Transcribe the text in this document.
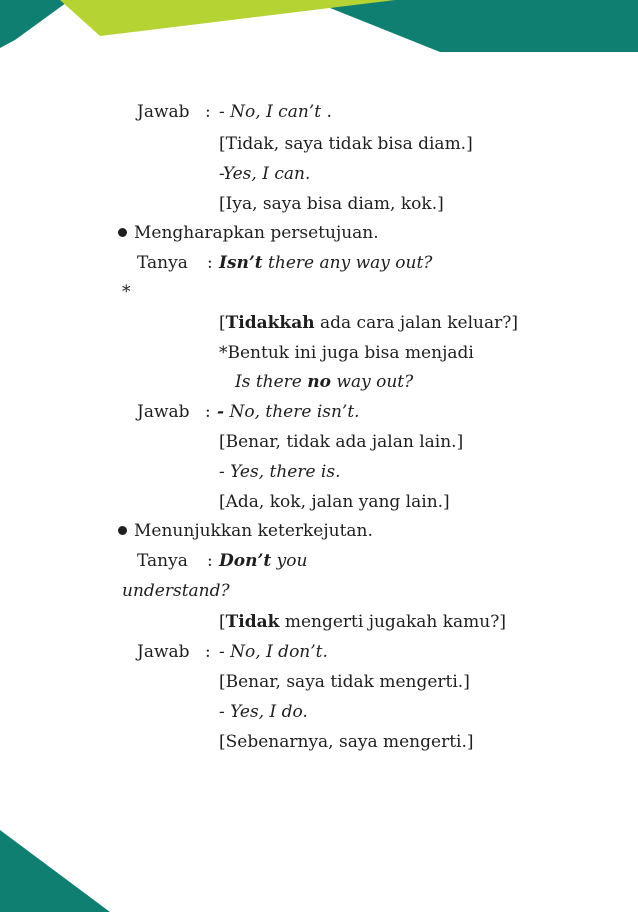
Jawab : - No, I can’t .
[Tidak, saya tidak bisa diam.]
-Yes, I can.
[Iya, saya bisa diam, kok.]
Mengharapkan persetujuan.
Tanya : Isn’t there any way out?
*
[Tidakkah ada cara jalan keluar?]
*Bentuk ini juga bisa menjadi
Is there no way out?
Jawab : - No, there isn’t.
[Benar, tidak ada jalan lain.]
- Yes, there is.
[Ada, kok, jalan yang lain.]
Menunjukkan keterkejutan.
Tanya : Don’t you
understand?
[Tidak mengerti jugakah kamu?]
Jawab : - No, I don’t.
[Benar, saya tidak mengerti.]
- Yes, I do.
[Sebenarnya, saya mengerti.]
